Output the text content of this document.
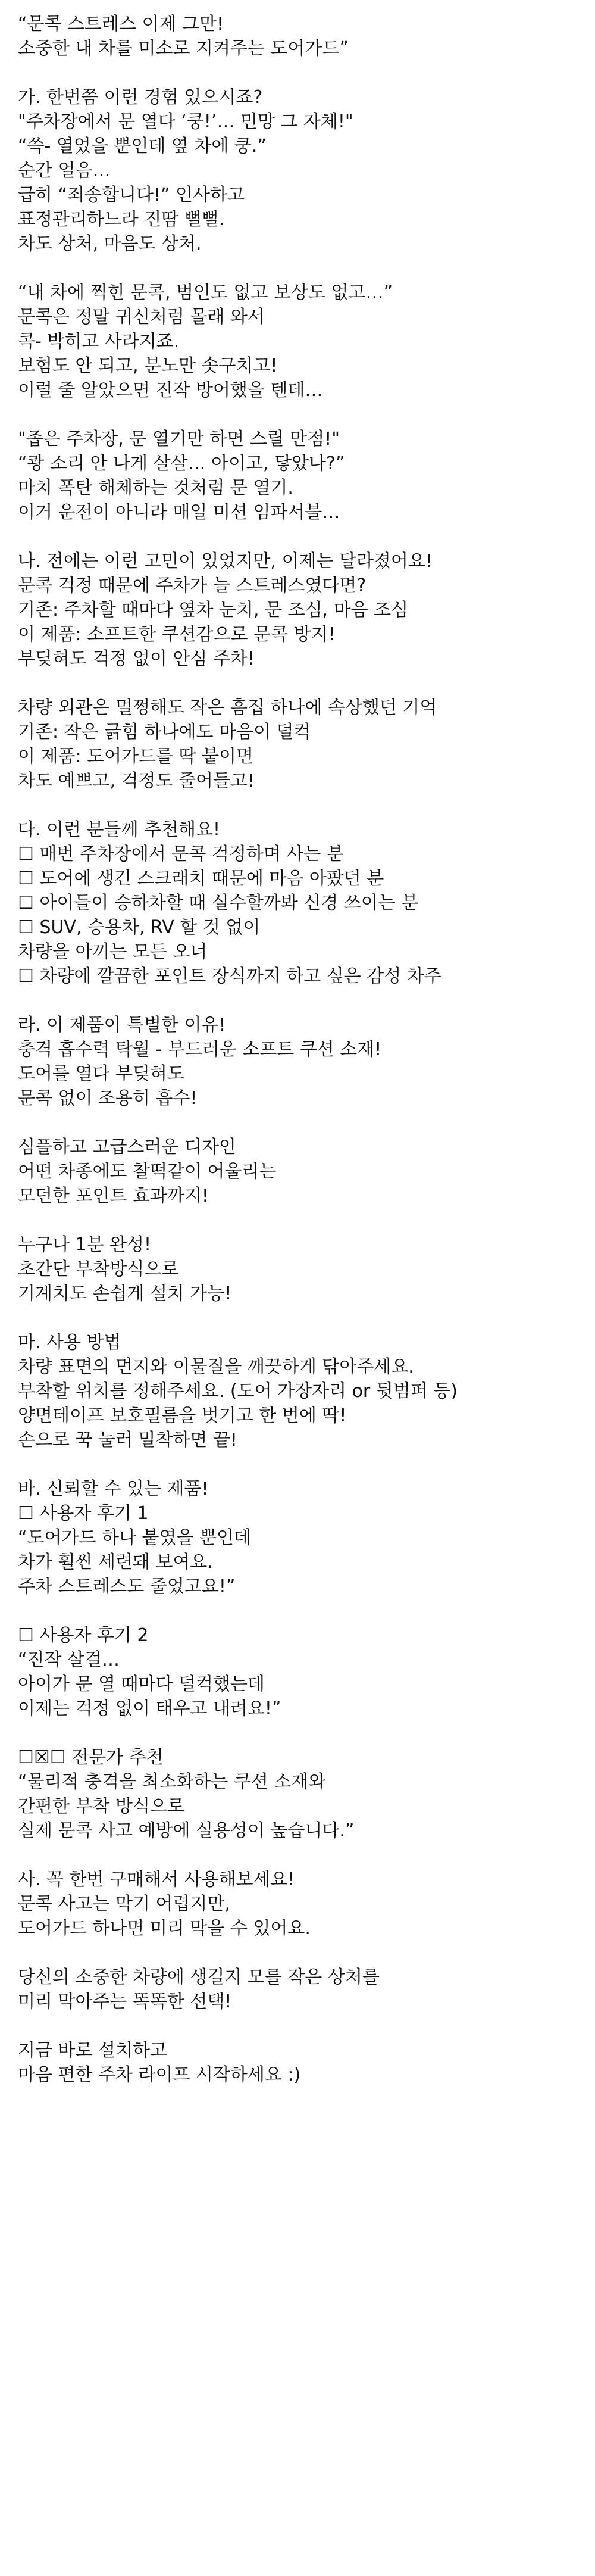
“문콕 스트레스 이제 그만!

소중한 내 차를 미소로 지켜주는 도어가드”

가. 한번쯤 이런 경험 있으시죠?

"주차장에서 문 열다 ‘쿵!’… 민망 그 자체!"

“쓱- 열었을 뿐인데 옆 차에 쿵.”

순간 얼음…

급히 “죄송합니다!” 인사하고

표정관리하느라 진땀 뻘뻘.

차도 상처, 마음도 상처.

“내 차에 찍힌 문콕, 범인도 없고 보상도 없고…”

문콕은 정말 귀신처럼 몰래 와서

콕- 박히고 사라지죠.

보험도 안 되고, 분노만 솟구치고!

이럴 줄 알았으면 진작 방어했을 텐데…

"좁은 주차장, 문 열기만 하면 스릴 만점!"

“쾅 소리 안 나게 살살… 아이고, 닿았나?”

마치 폭탄 해체하는 것처럼 문 열기.

이거 운전이 아니라 매일 미션 임파서블…

나. 전에는 이런 고민이 있었지만, 이제는 달라졌어요!

문콕 걱정 때문에 주차가 늘 스트레스였다면?

기존: 주차할 때마다 옆차 눈치, 문 조심, 마음 조심

이 제품: 소프트한 쿠션감으로 문콕 방지!

부딪혀도 걱정 없이 안심 주차!

차량 외관은 멀쩡해도 작은 흠집 하나에 속상했던 기억

기존: 작은 긁힘 하나에도 마음이 덜컥

이 제품: 도어가드를 딱 붙이면

차도 예쁘고, 걱정도 줄어들고!

다. 이런 분들께 추천해요!

☐ 매번 주차장에서 문콕 걱정하며 사는 분

☐ 도어에 생긴 스크래치 때문에 마음 아팠던 분

☐ 아이들이 승하차할 때 실수할까봐 신경 쓰이는 분

☐ SUV, 승용차, RV 할 것 없이

차량을 아끼는 모든 오너

☐ 차량에 깔끔한 포인트 장식까지 하고 싶은 감성 차주

라. 이 제품이 특별한 이유!

충격 흡수력 탁월 - 부드러운 소프트 쿠션 소재!

도어를 열다 부딪혀도

문콕 없이 조용히 흡수!

심플하고 고급스러운 디자인

어떤 차종에도 찰떡같이 어울리는

모던한 포인트 효과까지!

누구나 1분 완성!

초간단 부착방식으로

기계치도 손쉽게 설치 가능!

마. 사용 방법

차량 표면의 먼지와 이물질을 깨끗하게 닦아주세요.

부착할 위치를 정해주세요. (도어 가장자리 or 뒷범퍼 등)

양면테이프 보호필름을 벗기고 한 번에 딱!

손으로 꾹 눌러 밀착하면 끝!

바. 신뢰할 수 있는 제품!

☐ 사용자 후기 1

“도어가드 하나 붙였을 뿐인데

차가 훨씬 세련돼 보여요.

주차 스트레스도 줄었고요!”

☐ 사용자 후기 2

“진작 살걸…

아이가 문 열 때마다 덜컥했는데

이제는 걱정 없이 태우고 내려요!”

☐☒☐ 전문가 추천

“물리적 충격을 최소화하는 쿠션 소재와

간편한 부착 방식으로

실제 문콕 사고 예방에 실용성이 높습니다.”

사. 꼭 한번 구매해서 사용해보세요!

문콕 사고는 막기 어렵지만,

도어가드 하나면 미리 막을 수 있어요.

당신의 소중한 차량에 생길지 모를 작은 상처를

미리 막아주는 똑똑한 선택!

지금 바로 설치하고

마음 편한 주차 라이프 시작하세요 :)
